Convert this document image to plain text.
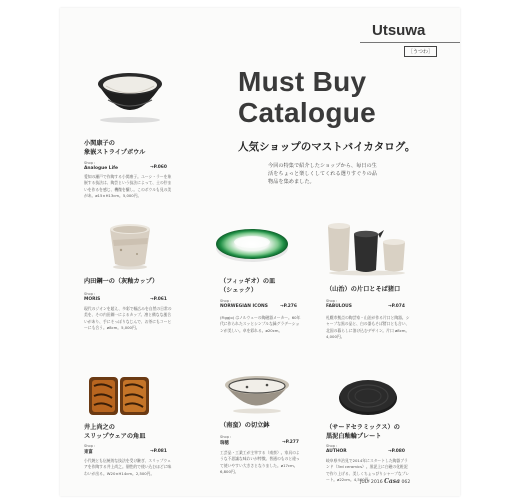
Utsuwa
［うつわ］
Must Buy
Catalogue
人気ショップのマストバイカタログ。
今回の特集で紹介したショップから、毎日の生活をちょっと楽しくしてくれる選りすぐりの品物品を集めました。
小関康子の
象嵌ストライプボウル
Shop :
Analogue Life	→P.060
愛知の瀬戸で作陶する小関康子。ユーシ・ラーを象嵌する技法は、陶芸という技法によって、土の佇まいを作るを感じ、機微を醸し。このボウルも見の美があ。ø15×H13cm。5,000円。
内田鋼一の（灰釉カップ）
Shop :
MORIS	→P.061
現代のジオンを超え、多彩で幅広みを自然の日常の美を、その内田鋼一によるカップ。凛と備なな風合いがあり、手にそっぽりなじんで、お茶にもコーヒーにも合う。ø8cm。5,000円。
（フィッギオ）の皿
（シェック）
Shop :
NORWEGIAN ICONS	→P.276
(Figgjo) はノルウェーの陶磁器メーカー。60年代に作られたスッとシンプルな緑グラデーションが美しい。卓を彩れる。ø20cm。
（山治）の片口とそば猪口
Shop :
FABULOUS	→P.074
札幌市拠点の陶芸家・山治が作る片口と陶器。シャープな黒の品と、白の器もそば猪口とも合い、北国の暮らしに溶け込むデザイン。片口 ø8cm。4,000円。
井上尚之の
スリップウェアの角皿
Shop :
東富	→P.081
小代焼とも伝統的な技法を受け継ぎ、スリップウェアを作陶する井上尚之。個性的で使い込むほどに味わいが出る。W20×H14cm。2,500円。
（南蛮）の切立鉢
Shop :
瑞穂	→P.277
工芸品・工業工が主宰する（南蛮）。家具のような不思議な味わいが特徴。普通のものと違って使いやすい大きさとなりました。ø17cm。6,800円。
（サードセラミックス）の
黒泥白釉輪プレート
Shop :
AUTHOR	→P.080
岐阜県多治見で2014年にスタートした陶器ブランド（3rd ceramics）。黒泥上に白磁の化粧泥で作り上げる、美しくちょっぴりシャープなプレート。ø22cm。4,500円。
JULY 2016 Casa 062
